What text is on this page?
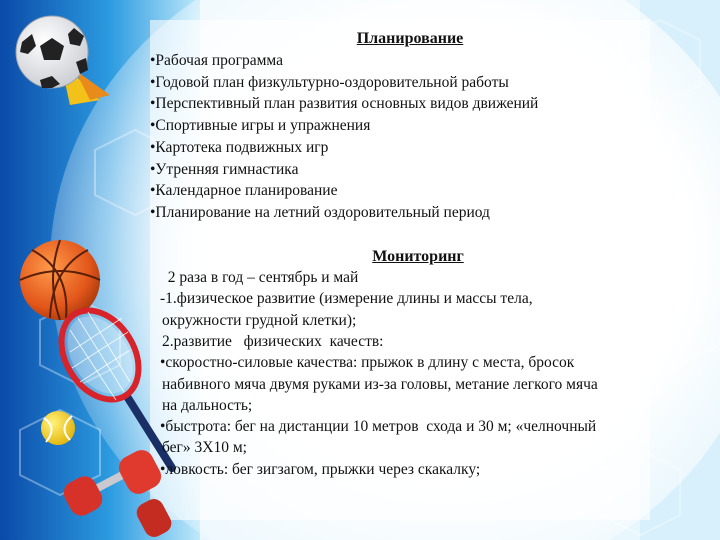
Планирование
•Рабочая программа
•Годовой план физкультурно-оздоровительной работы
•Перспективный план развития основных видов движений
•Спортивные игры и упражнения
•Картотека подвижных игр
•Утренняя гимнастика
•Календарное планирование
•Планирование на летний оздоровительный период
Мониторинг
2 раза в год – сентябрь и май
-1.физическое развитие (измерение длины и массы тела,
окружности грудной клетки);
2.развитие   физических  качеств:
•скоростно-силовые качества: прыжок в длину с места, бросок
набивного мяча двумя руками из-за головы, метание легкого мяча
на дальность;
•быстрота: бег на дистанции 10 метров  схода и 30 м; «челночный
бег» 3Х10 м;
•ловкость: бег зигзагом, прыжки через скакалку;
